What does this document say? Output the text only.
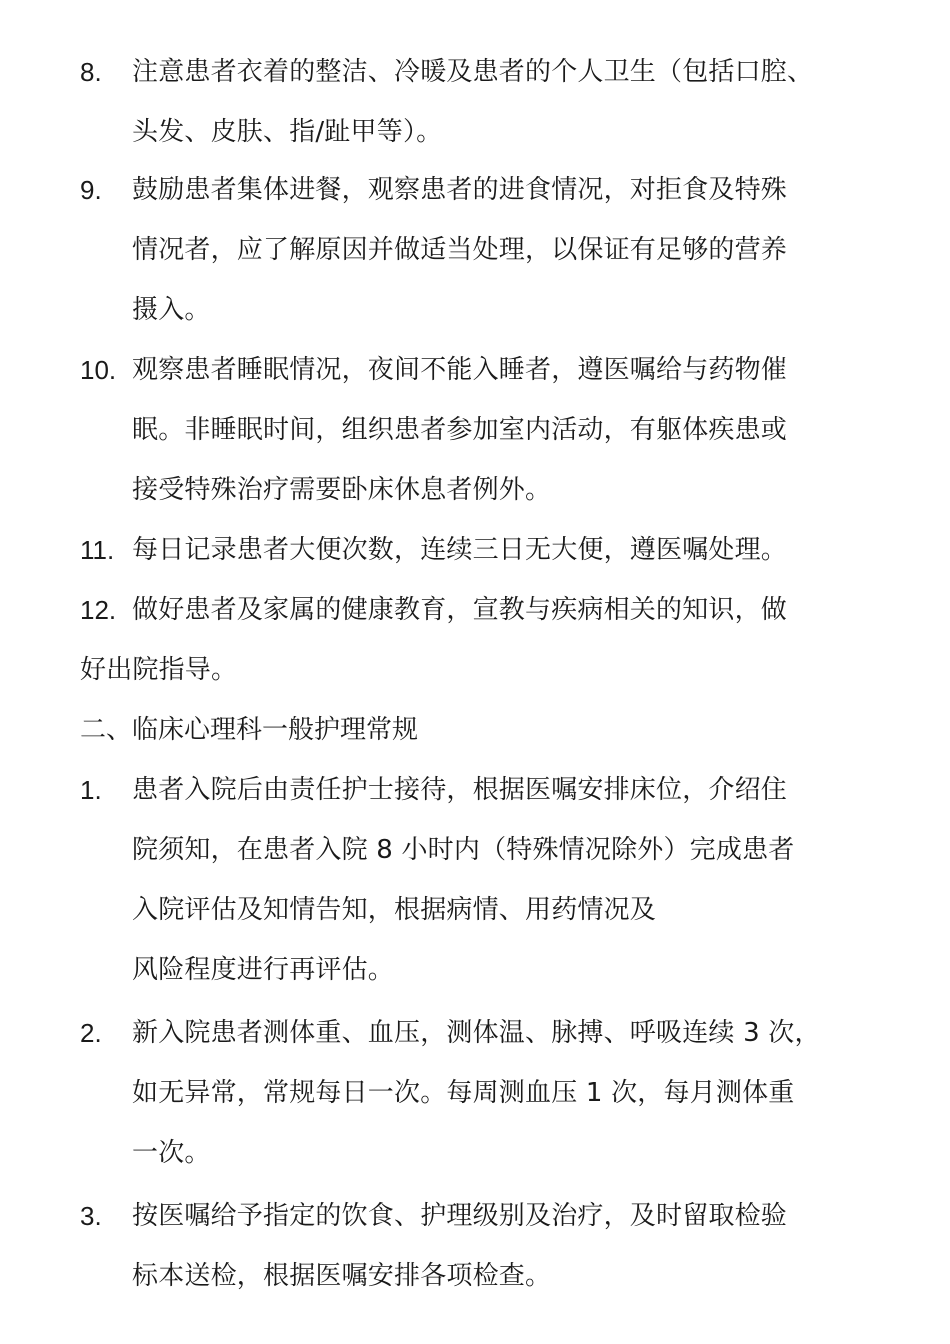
8.	注意患者衣着的整洁、冷暖及患者的个人卫生（包括口腔、
头发、皮肤、指/趾甲等）。
9.	鼓励患者集体进餐，观察患者的进食情况，对拒食及特殊
情况者，应了解原因并做适当处理，以保证有足够的营养
摄入。
10. 观察患者睡眠情况，夜间不能入睡者，遵医嘱给与药物催
眠。非睡眠时间，组织患者参加室内活动，有躯体疾患或
接受特殊治疗需要卧床休息者例外。
11. 每日记录患者大便次数，连续三日无大便，遵医嘱处理。
12. 做好患者及家属的健康教育，宣教与疾病相关的知识，做
好出院指导。
二、临床心理科一般护理常规
1.	患者入院后由责任护士接待，根据医嘱安排床位，介绍住
院须知，在患者入院 8 小时内（特殊情况除外）完成患者
入院评估及知情告知，根据病情、用药情况及
风险程度进行再评估。
2.	新入院患者测体重、血压，测体温、脉搏、呼吸连续 3 次，
如无异常，常规每日一次。每周测血压 1 次，每月测体重
一次。
3.	按医嘱给予指定的饮食、护理级别及治疗，及时留取检验
标本送检，根据医嘱安排各项检查。
